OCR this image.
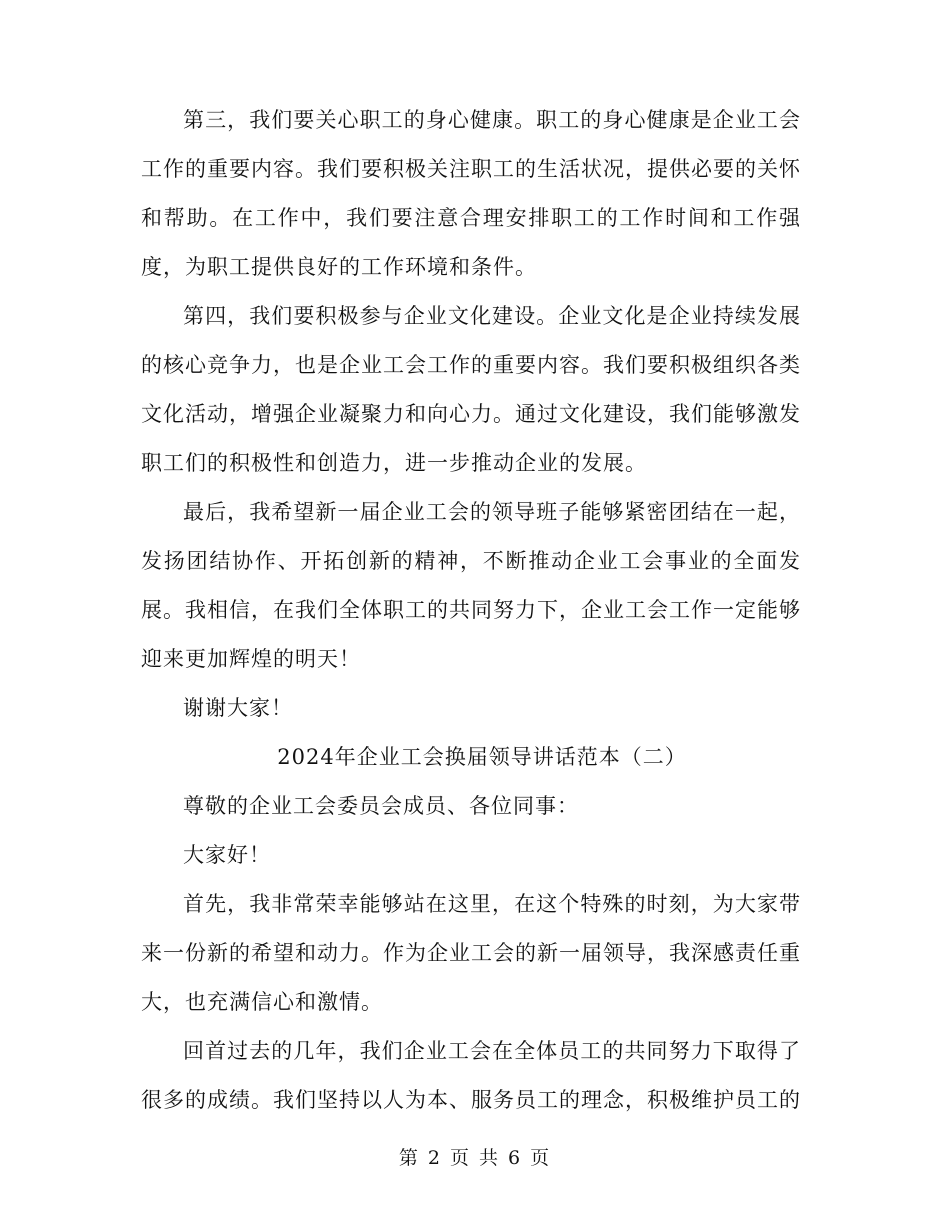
第三，我们要关心职工的身心健康。职工的身心健康是企业工会工作的重要内容。我们要积极关注职工的生活状况，提供必要的关怀和帮助。在工作中，我们要注意合理安排职工的工作时间和工作强度，为职工提供良好的工作环境和条件。

第四，我们要积极参与企业文化建设。企业文化是企业持续发展的核心竞争力，也是企业工会工作的重要内容。我们要积极组织各类文化活动，增强企业凝聚力和向心力。通过文化建设，我们能够激发职工们的积极性和创造力，进一步推动企业的发展。

最后，我希望新一届企业工会的领导班子能够紧密团结在一起，发扬团结协作、开拓创新的精神，不断推动企业工会事业的全面发展。我相信，在我们全体职工的共同努力下，企业工会工作一定能够迎来更加辉煌的明天！

谢谢大家！

2024年企业工会换届领导讲话范本（二）

尊敬的企业工会委员会成员、各位同事：

大家好！

首先，我非常荣幸能够站在这里，在这个特殊的时刻，为大家带来一份新的希望和动力。作为企业工会的新一届领导，我深感责任重大，也充满信心和激情。

回首过去的几年，我们企业工会在全体员工的共同努力下取得了很多的成绩。我们坚持以人为本、服务员工的理念，积极维护员工的

第 2 页 共 6 页
